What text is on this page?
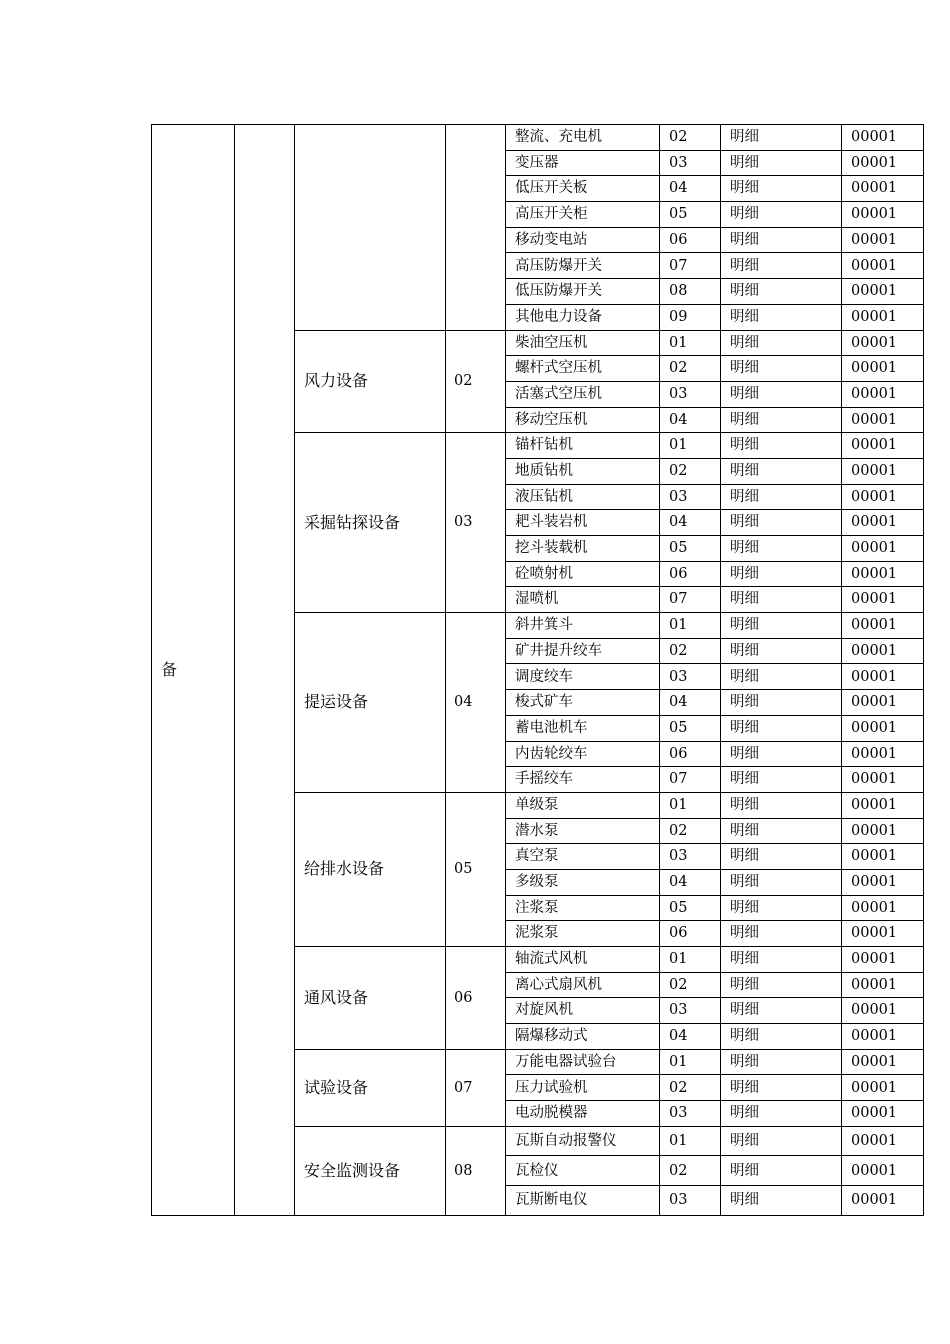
备				整流、充电机	02	明细	00001
				变压器	03	明细	00001
				低压开关板	04	明细	00001
				高压开关柜	05	明细	00001
				移动变电站	06	明细	00001
				高压防爆开关	07	明细	00001
				低压防爆开关	08	明细	00001
				其他电力设备	09	明细	00001
		风力设备	02	柴油空压机	01	明细	00001
				螺杆式空压机	02	明细	00001
				活塞式空压机	03	明细	00001
				移动空压机	04	明细	00001
		采掘钻探设备	03	锚杆钻机	01	明细	00001
				地质钻机	02	明细	00001
				液压钻机	03	明细	00001
				耙斗装岩机	04	明细	00001
				挖斗装载机	05	明细	00001
				砼喷射机	06	明细	00001
				湿喷机	07	明细	00001
		提运设备	04	斜井箕斗	01	明细	00001
				矿井提升绞车	02	明细	00001
				调度绞车	03	明细	00001
				梭式矿车	04	明细	00001
				蓄电池机车	05	明细	00001
				内齿轮绞车	06	明细	00001
				手摇绞车	07	明细	00001
		给排水设备	05	单级泵	01	明细	00001
				潜水泵	02	明细	00001
				真空泵	03	明细	00001
				多级泵	04	明细	00001
				注浆泵	05	明细	00001
				泥浆泵	06	明细	00001
		通风设备	06	轴流式风机	01	明细	00001
				离心式扇风机	02	明细	00001
				对旋风机	03	明细	00001
				隔爆移动式	04	明细	00001
		试验设备	07	万能电器试验台	01	明细	00001
				压力试验机	02	明细	00001
				电动脱模器	03	明细	00001
		安全监测设备	08	瓦斯自动报警仪	01	明细	00001
				瓦检仪	02	明细	00001
				瓦斯断电仪	03	明细	00001
